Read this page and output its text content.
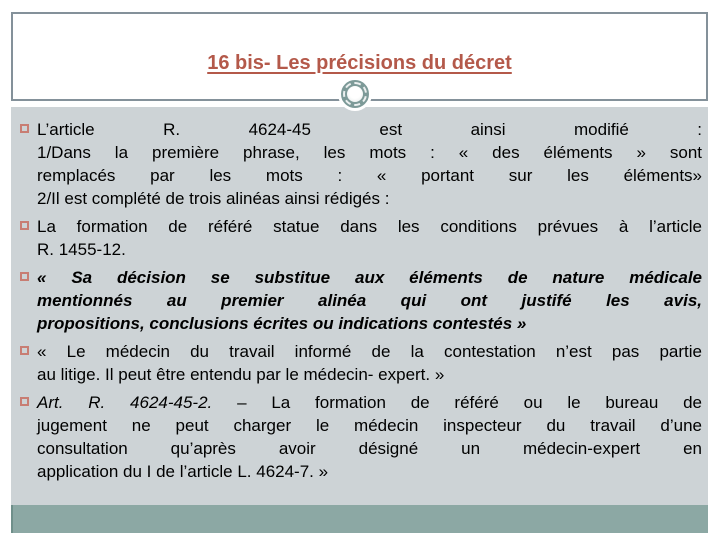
16 bis- Les précisions du décret
L’article R. 4624-45 est ainsi modifié :
1/Dans la première phrase, les mots : « des éléments » sont
remplacés par les mots : « portant sur les éléments»
2/Il est complété de trois alinéas ainsi rédigés :
La formation de référé statue dans les conditions prévues à l’article
R. 1455-12.
« Sa décision se substitue aux éléments de nature médicale
mentionnés au premier alinéa qui ont justifé les avis,
propositions, conclusions écrites ou indications contestés »
« Le médecin du travail informé de la contestation n’est pas partie
au litige. Il peut être entendu par le médecin- expert. »
Art. R. 4624-45-2. – La formation de référé ou le bureau de
jugement ne peut charger le médecin inspecteur du travail d’une
consultation qu’après avoir désigné un médecin-expert en
application du I de l’article L. 4624-7. »
